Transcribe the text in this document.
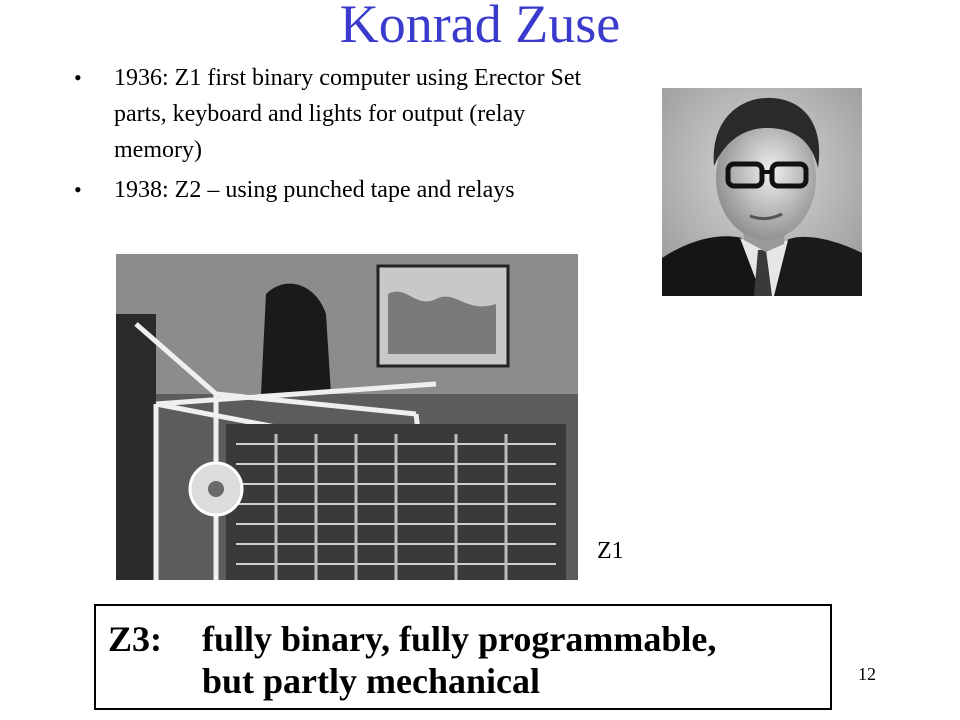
Konrad Zuse
• 1936: Z1 first binary computer using Erector Set parts, keyboard and lights for output (relay memory)
• 1938: Z2 – using punched tape and relays
Z1
Z3: fully binary, fully programmable,
but partly mechanical	12
